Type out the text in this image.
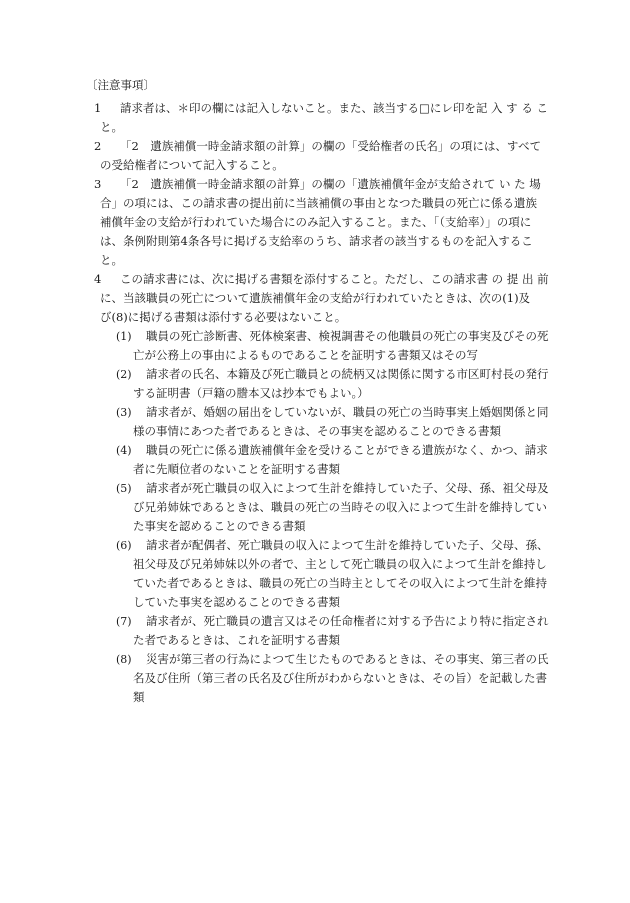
〔注意事項〕
1	請求者は、＊印の欄には記入しないこと。また、該当する□にレ印を記 入 す る こ
と。
2	「2　遺族補償一時金請求額の計算」の欄の「受給権者の氏名」の項には、すべて
の受給権者について記入すること。
3	「2　遺族補償一時金請求額の計算」の欄の「遺族補償年金が支給されて い た 場
合」の項には、この請求書の提出前に当該補償の事由となつた職員の死亡に係る遺族
補償年金の支給が行われていた場合にのみ記入すること。また、「（支給率）」の項に
は、条例附則第4条各号に掲げる支給率のうち、請求者の該当するものを記入するこ
と。
4	この請求書には、次に掲げる書類を添付すること。ただし、この請求書 の 提 出 前
に、当該職員の死亡について遺族補償年金の支給が行われていたときは、次の(1)及
び(8)に掲げる書類は添付する必要はないこと。
(1)	職員の死亡診断書、死体検案書、検視調書その他職員の死亡の事実及びその死
亡が公務上の事由によるものであることを証明する書類又はその写
(2)	請求者の氏名、本籍及び死亡職員との続柄又は関係に関する市区町村長の発行
する証明書（戸籍の謄本又は抄本でもよい。）
(3)	請求者が、婚姻の届出をしていないが、職員の死亡の当時事実上婚姻関係と同
様の事情にあつた者であるときは、その事実を認めることのできる書類
(4)	職員の死亡に係る遺族補償年金を受けることができる遺族がなく、かつ、請求
者に先順位者のないことを証明する書類
(5)	請求者が死亡職員の収入によつて生計を維持していた子、父母、孫、祖父母及
び兄弟姉妹であるときは、職員の死亡の当時その収入によつて生計を維持してい
た事実を認めることのできる書類
(6)	請求者が配偶者、死亡職員の収入によつて生計を維持していた子、父母、孫、
祖父母及び兄弟姉妹以外の者で、主として死亡職員の収入によつて生計を維持し
ていた者であるときは、職員の死亡の当時主としてその収入によつて生計を維持
していた事実を認めることのできる書類
(7)	請求者が、死亡職員の遺言又はその任命権者に対する予告により特に指定され
た者であるときは、これを証明する書類
(8)	災害が第三者の行為によつて生じたものであるときは、その事実、第三者の氏
名及び住所（第三者の氏名及び住所がわからないときは、その旨）を記載した書
類
